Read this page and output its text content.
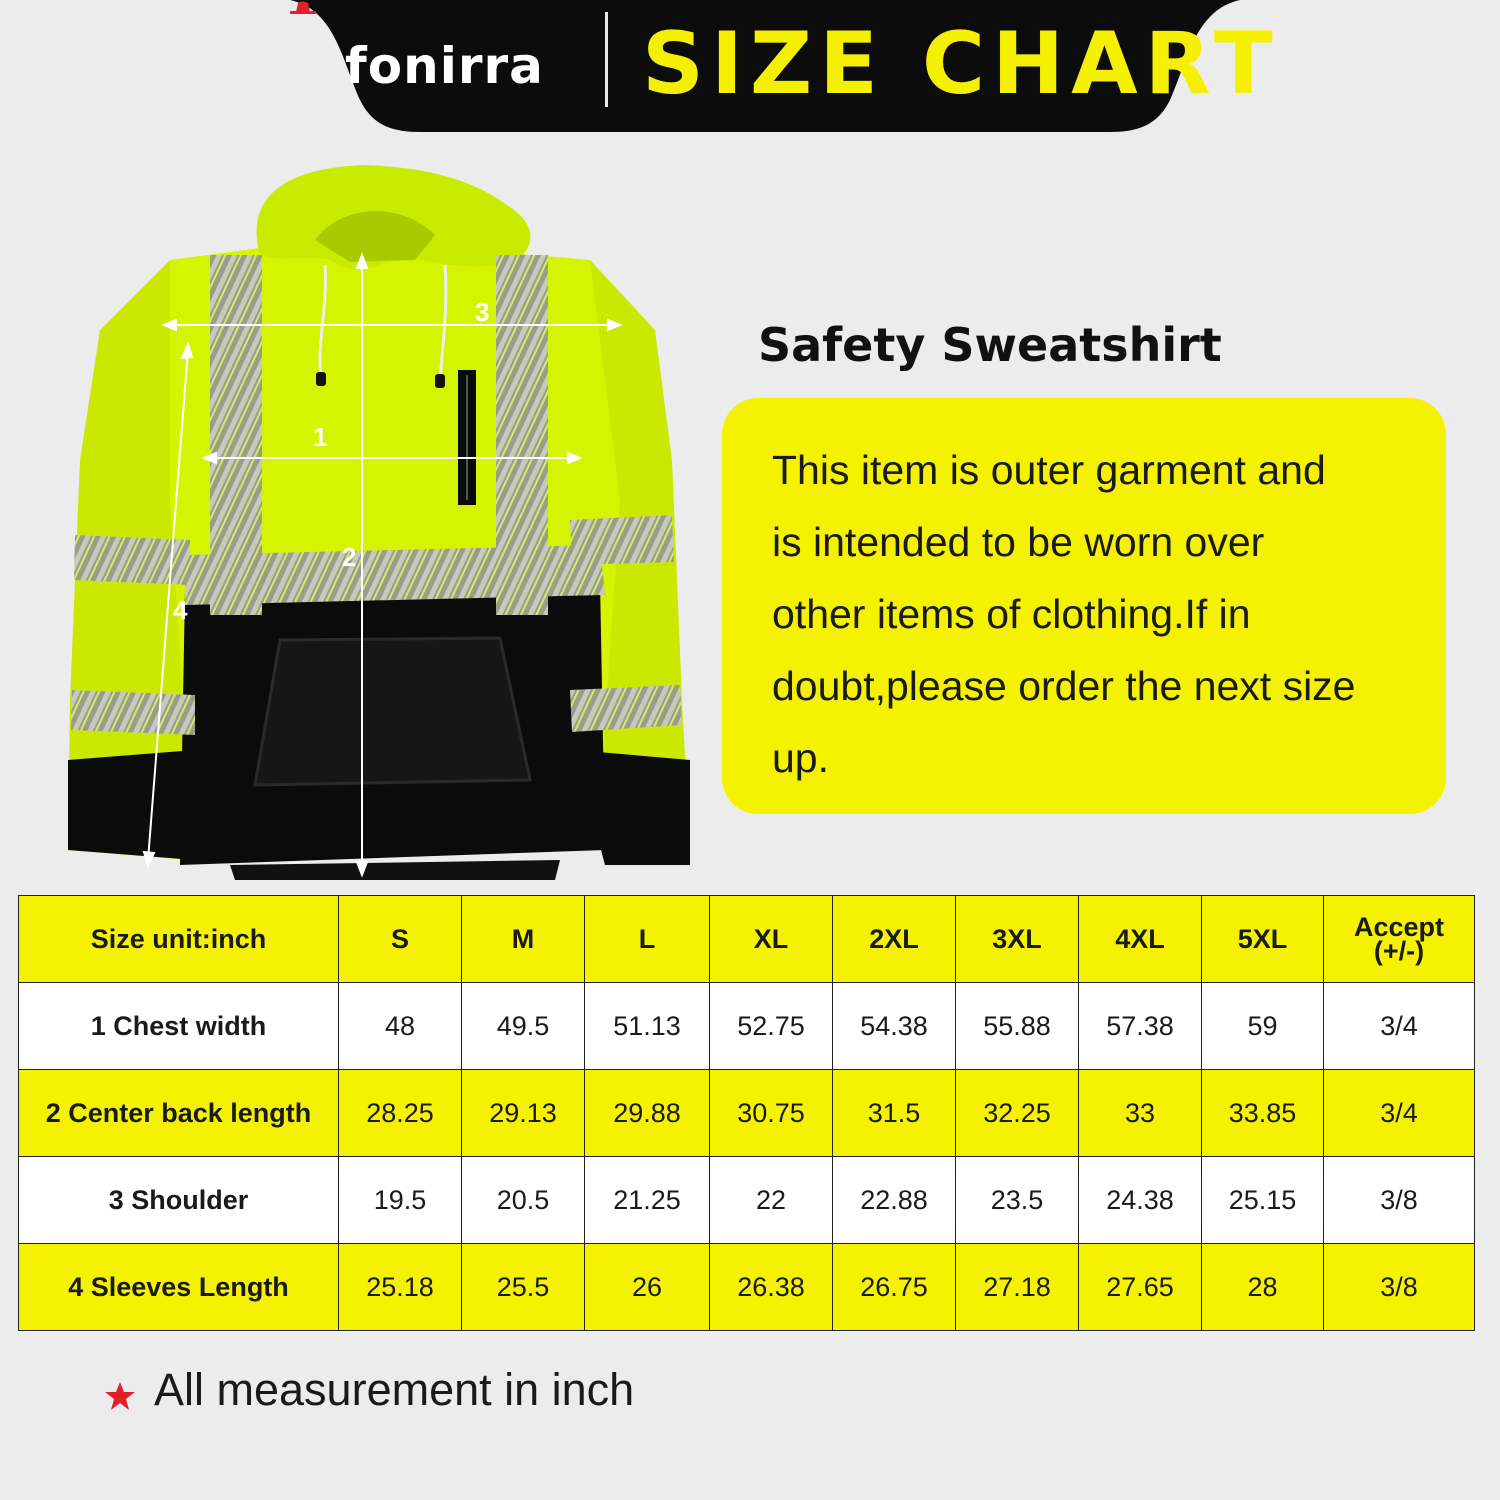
fonirra	SIZE CHART
1
2
3
4
Safety Sweatshirt
This item is outer garment and
is intended to be worn over
other items of clothing.If in
doubt,please order the next size
up.
Size unit:inch	S	M	L	XL	2XL	3XL	4XL	5XL	Accept
(+/-)

1 Chest width	48	49.5	51.13	52.75	54.38	55.88	57.38	59	3/4
2 Center back length	28.25	29.13	29.88	30.75	31.5	32.25	33	33.85	3/4
3 Shoulder	19.5	20.5	21.25	22	22.88	23.5	24.38	25.15	3/8
4 Sleeves Length	25.18	25.5	26	26.38	26.75	27.18	27.65	28	3/8
All measurement in inch
